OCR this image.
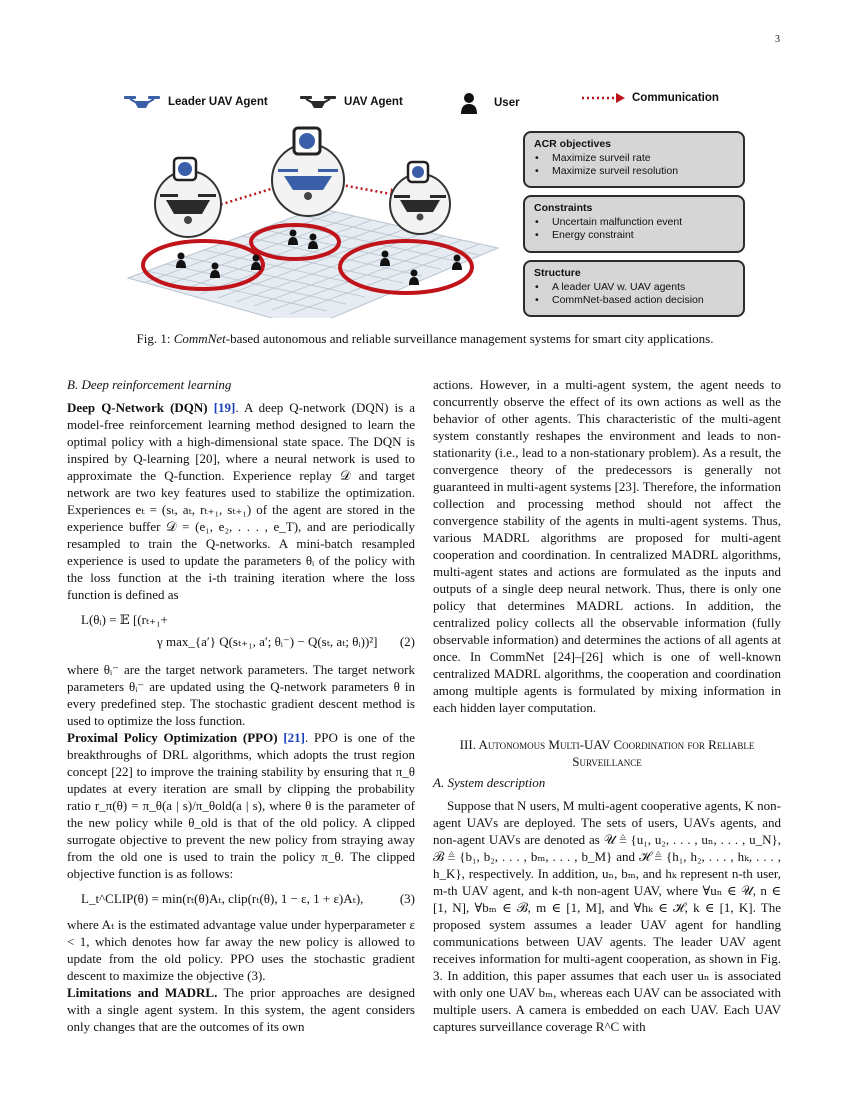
3
Leader UAV Agent	UAV Agent	User	Communication
ACR objectives
• Maximize surveil rate
• Maximize surveil resolution
Constraints
• Uncertain malfunction event
• Energy constraint
Structure
• A leader UAV w. UAV agents
• CommNet-based action decision
Fig. 1: CommNet-based autonomous and reliable surveillance management systems for smart city applications.

B. Deep reinforcement learning

Deep Q-Network (DQN) [19]. A deep Q-network (DQN) is a model-free reinforcement learning method designed to learn the optimal policy with a high-dimensional state space. The DQN is inspired by Q-learning [20], where a neural network is used to approximate the Q-function. Experience replay 𝒟 and target network are two key features used to stabilize the optimization. Experiences eₜ = (sₜ, aₜ, rₜ₊₁, sₜ₊₁) of the agent are stored in the experience buffer 𝒟 = (e₁, e₂, . . . , e_T), and are periodically resampled to train the Q-networks. A mini-batch resampled experience is used to update the parameters θᵢ of the policy with the loss function at the i-th training iteration where the loss function is defined as

L(θᵢ) = 𝔼 [(rₜ₊₁+
γ max_{a′} Q(sₜ₊₁, a′; θᵢ⁻) − Q(sₜ, aₜ; θᵢ))²] (2)

where θᵢ⁻ are the target network parameters. The target network parameters θᵢ⁻ are updated using the Q-network parameters θ in every predefined step. The stochastic gradient descent method is used to optimize the loss function.

Proximal Policy Optimization (PPO) [21]. PPO is one of the breakthroughs of DRL algorithms, which adopts the trust region concept [22] to improve the training stability by ensuring that π_θ updates at every iteration are small by clipping the probability ratio r_π(θ) = π_θ(a | s)/π_θold(a | s), where θ is the parameter of the new policy while θ_old is that of the old policy. A clipped surrogate objective to prevent the new policy from straying away from the old one is used to train the policy π_θ. The clipped objective function is as follows:

L_t^CLIP(θ) = min(rₜ(θ)Aₜ, clip(rₜ(θ), 1 − ε, 1 + ε)Aₜ),	(3)

where Aₜ is the estimated advantage value under hyperparameter ε < 1, which denotes how far away the new policy is allowed to update from the old policy. PPO uses the stochastic gradient descent to maximize the objective (3).

Limitations and MADRL. The prior approaches are designed with a single agent system. In this system, the agent considers only changes that are the outcomes of its own

actions. However, in a multi-agent system, the agent needs to concurrently observe the effect of its own actions as well as the behavior of other agents. This characteristic of the multi-agent system constantly reshapes the environment and leads to non-stationarity (i.e., lead to a non-stationary problem). As a result, the convergence theory of the predecessors is generally not guaranteed in multi-agent systems [23]. Therefore, the information collection and processing method should not affect the convergence stability of the agents in multi-agent systems. Thus, various MADRL algorithms are proposed for multi-agent cooperation and coordination. In centralized MADRL algorithms, multi-agent states and actions are formulated as the inputs and outputs of a single deep neural network. Thus, there is only one policy that determines MADRL actions. In addition, the centralized policy collects all the observable information (fully observable information) and determines the actions of all agents at once. In CommNet [24]–[26] which is one of well-known centralized MADRL algorithms, the cooperation and coordination among multiple agents is formulated by mixing information in each hidden layer computation.

III. Autonomous Multi-UAV Coordination for Reliable Surveillance

A. System description

Suppose that N users, M multi-agent cooperative agents, K non-agent UAVs are deployed. The sets of users, UAVs agents, and non-agent UAVs are denoted as 𝒰 ≜ {u₁, u₂, . . . , uₙ, . . . , u_N}, ℬ ≜ {b₁, b₂, . . . , bₘ, . . . , b_M} and ℋ ≜ {h₁, h₂, . . . , hₖ, . . . , h_K}, respectively. In addition, uₙ, bₘ, and hₖ represent n-th user, m-th UAV agent, and k-th non-agent UAV, where ∀uₙ ∈ 𝒰, n ∈ [1, N], ∀bₘ ∈ ℬ, m ∈ [1, M], and ∀hₖ ∈ ℋ, k ∈ [1, K]. The proposed system assumes a leader UAV agent for handling communications between UAV agents. The leader UAV agent receives information for multi-agent cooperation, as shown in Fig. 3. In addition, this paper assumes that each user uₙ is associated with only one UAV bₘ, whereas each UAV can be associated with multiple users. A camera is embedded on each UAV. Each UAV captures surveillance coverage R^C with
